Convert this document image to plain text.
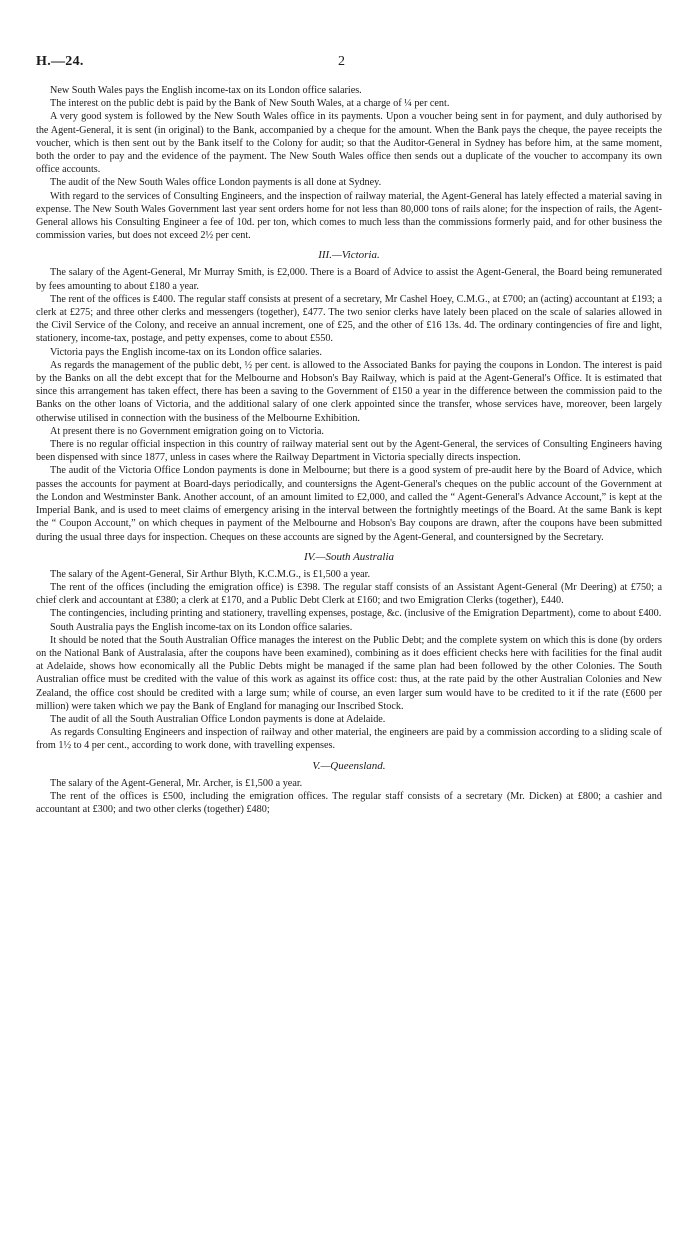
H.—24.	2

New South Wales pays the English income-tax on its London office salaries.

The interest on the public debt is paid by the Bank of New South Wales, at a charge of ¼ per cent.

A very good system is followed by the New South Wales office in its payments. Upon a voucher being sent in for payment, and duly authorised by the Agent-General, it is sent (in original) to the Bank, accompanied by a cheque for the amount. When the Bank pays the cheque, the payee receipts the voucher, which is then sent out by the Bank itself to the Colony for audit; so that the Auditor-General in Sydney has before him, at the same moment, both the order to pay and the evidence of the payment. The New South Wales office then sends out a duplicate of the voucher to accompany its own office accounts.

The audit of the New South Wales office London payments is all done at Sydney.

With regard to the services of Consulting Engineers, and the inspection of railway material, the Agent-General has lately effected a material saving in expense. The New South Wales Government last year sent orders home for not less than 80,000 tons of rails alone; for the inspection of rails, the Agent-General allows his Consulting Engineer a fee of 10d. per ton, which comes to much less than the commissions formerly paid, and for other business the commission varies, but does not exceed 2½ per cent.

III.—Victoria.

The salary of the Agent-General, Mr Murray Smith, is £2,000. There is a Board of Advice to assist the Agent-General, the Board being remunerated by fees amounting to about £180 a year.

The rent of the offices is £400. The regular staff consists at present of a secretary, Mr Cashel Hoey, C.M.G., at £700; an (acting) accountant at £193; a clerk at £275; and three other clerks and messengers (together), £477. The two senior clerks have lately been placed on the scale of salaries allowed in the Civil Service of the Colony, and receive an annual increment, one of £25, and the other of £16 13s. 4d. The ordinary contingencies of fire and light, stationery, income-tax, postage, and petty expenses, come to about £550.

Victoria pays the English income-tax on its London office salaries.

As regards the management of the public debt, ½ per cent. is allowed to the Associated Banks for paying the coupons in London. The interest is paid by the Banks on all the debt except that for the Melbourne and Hobson's Bay Railway, which is paid at the Agent-General's Office. It is estimated that since this arrangement has taken effect, there has been a saving to the Government of £150 a year in the difference between the commission paid to the Banks on the other loans of Victoria, and the additional salary of one clerk appointed since the transfer, whose services have, moreover, been largely otherwise utilised in connection with the business of the Melbourne Exhibition.

At present there is no Government emigration going on to Victoria.

There is no regular official inspection in this country of railway material sent out by the Agent-General, the services of Consulting Engineers having been dispensed with since 1877, unless in cases where the Railway Department in Victoria specially directs inspection.

The audit of the Victoria Office London payments is done in Melbourne; but there is a good system of pre-audit here by the Board of Advice, which passes the accounts for payment at Board-days periodically, and countersigns the Agent-General's cheques on the public account of the Government at the London and Westminster Bank. Another account, of an amount limited to £2,000, and called the “ Agent-General's Advance Account,” is kept at the Imperial Bank, and is used to meet claims of emergency arising in the interval between the fortnightly meetings of the Board. At the same Bank is kept the “ Coupon Account,” on which cheques in payment of the Melbourne and Hobson's Bay coupons are drawn, after the coupons have been submitted during the usual three days for inspection. Cheques on these accounts are signed by the Agent-General, and countersigned by the Secretary.

IV.—South Australia

The salary of the Agent-General, Sir Arthur Blyth, K.C.M.G., is £1,500 a year.

The rent of the offices (including the emigration office) is £398. The regular staff consists of an Assistant Agent-General (Mr Deering) at £750; a chief clerk and accountant at £380; a clerk at £170, and a Public Debt Clerk at £160; and two Emigration Clerks (together), £440.

The contingencies, including printing and stationery, travelling expenses, postage, &c. (inclusive of the Emigration Department), come to about £400.

South Australia pays the English income-tax on its London office salaries.

It should be noted that the South Australian Office manages the interest on the Public Debt; and the complete system on which this is done (by orders on the National Bank of Australasia, after the coupons have been examined), combining as it does efficient checks here with facilities for the final audit at Adelaide, shows how economically all the Public Debts might be managed if the same plan had been followed by the other Colonies. The South Australian office must be credited with the value of this work as against its office cost: thus, at the rate paid by the other Australian Colonies and New Zealand, the office cost should be credited with a large sum; while of course, an even larger sum would have to be credited to it if the rate (£600 per million) were taken which we pay the Bank of England for managing our Inscribed Stock.

The audit of all the South Australian Office London payments is done at Adelaide.

As regards Consulting Engineers and inspection of railway and other material, the engineers are paid by a commission according to a sliding scale of from 1½ to 4 per cent., according to work done, with travelling expenses.

V.—Queensland.

The salary of the Agent-General, Mr. Archer, is £1,500 a year.

The rent of the offices is £500, including the emigration offices. The regular staff consists of a secretary (Mr. Dicken) at £800; a cashier and accountant at £300; and two other clerks (together) £480;
